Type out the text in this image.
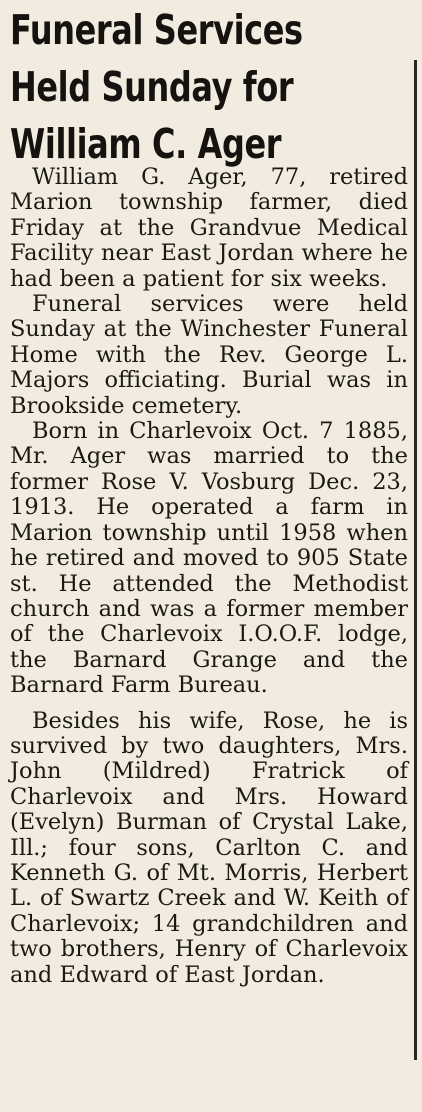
Funeral Services
Held Sunday for
William C. Ager

William G. Ager, 77, retired Marion township farmer, died Friday at the Grandvue Medical Facility near East Jordan where he had been a patient for six weeks.

Funeral services were held Sunday at the Winchester Funeral Home with the Rev. George L. Majors officiating. Burial was in Brookside cemetery.

Born in Charlevoix Oct. 7 1885, Mr. Ager was married to the former Rose V. Vosburg Dec. 23, 1913. He operated a farm in Marion township until 1958 when he retired and moved to 905 State st. He attended the Methodist church and was a former member of the Charlevoix I.O.O.F. lodge, the Barnard Grange and the Barnard Farm Bureau.

Besides his wife, Rose, he is survived by two daughters, Mrs. John (Mildred) Fratrick of Charlevoix and Mrs. Howard (Evelyn) Burman of Crystal Lake, Ill.; four sons, Carlton C. and Kenneth G. of Mt. Morris, Herbert L. of Swartz Creek and W. Keith of Charlevoix; 14 grandchildren and two brothers, Henry of Charlevoix and Edward of East Jordan.
